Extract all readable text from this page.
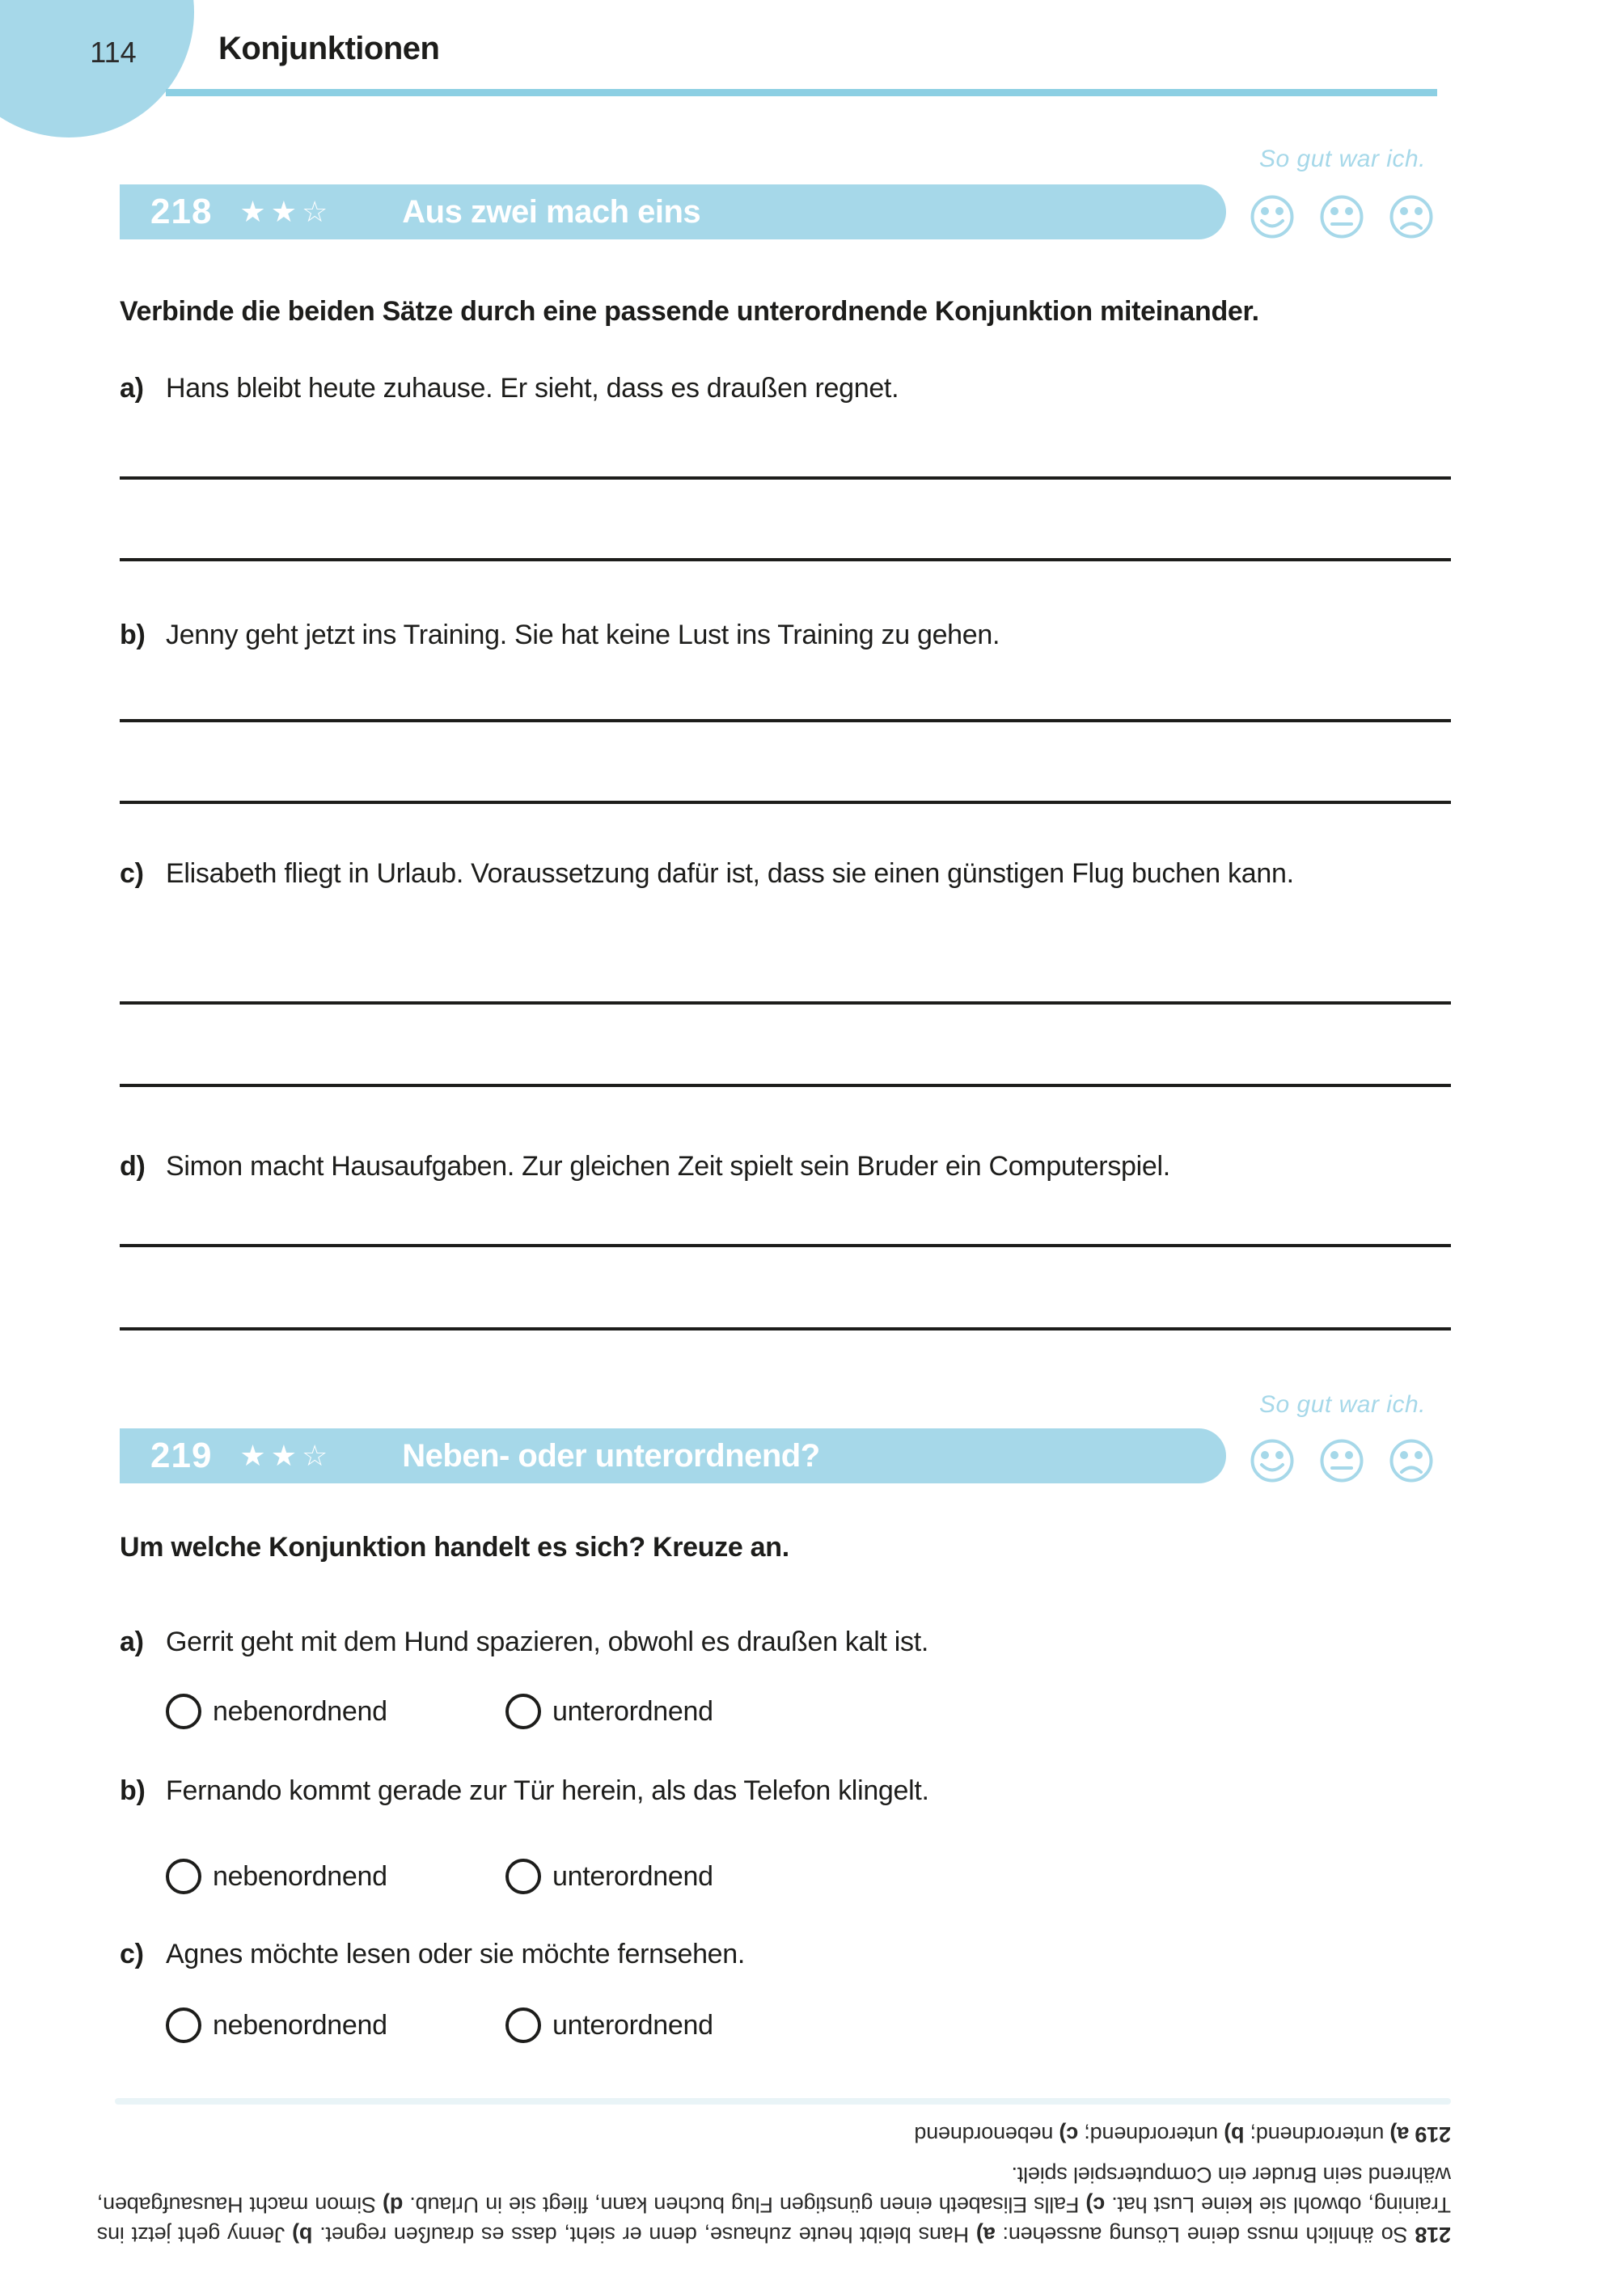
114	Konjunktionen
So gut war ich.
218 ★★☆ Aus zwei mach eins
Verbinde die beiden Sätze durch eine passende unterordnende Konjunktion miteinander.
a) Hans bleibt heute zuhause. Er sieht, dass es draußen regnet.
b) Jenny geht jetzt ins Training. Sie hat keine Lust ins Training zu gehen.
c) Elisabeth fliegt in Urlaub. Voraussetzung dafür ist, dass sie einen günstigen Flug buchen kann.
d) Simon macht Hausaufgaben. Zur gleichen Zeit spielt sein Bruder ein Computerspiel.
So gut war ich.
219 ★★☆ Neben- oder unterordnend?
Um welche Konjunktion handelt es sich? Kreuze an.
a) Gerrit geht mit dem Hund spazieren, obwohl es draußen kalt ist.
nebenordnend	unterordnend
b) Fernando kommt gerade zur Tür herein, als das Telefon klingelt.
nebenordnend	unterordnend
c) Agnes möchte lesen oder sie möchte fernsehen.
nebenordnend	unterordnend

218 So ähnlich muss deine Lösung aussehen: a) Hans bleibt heute zuhause, denn er sieht, dass es draußen regnet. b) Jenny geht jetzt ins Training, obwohl sie keine Lust hat. c) Falls Elisabeth einen günstigen Flug buchen kann, fliegt sie in Urlaub. d) Simon macht Hausaufgaben, während sein Bruder ein Computerspiel spielt.

219 a) unterordnend; b) unterordnend; c) nebenordnend
